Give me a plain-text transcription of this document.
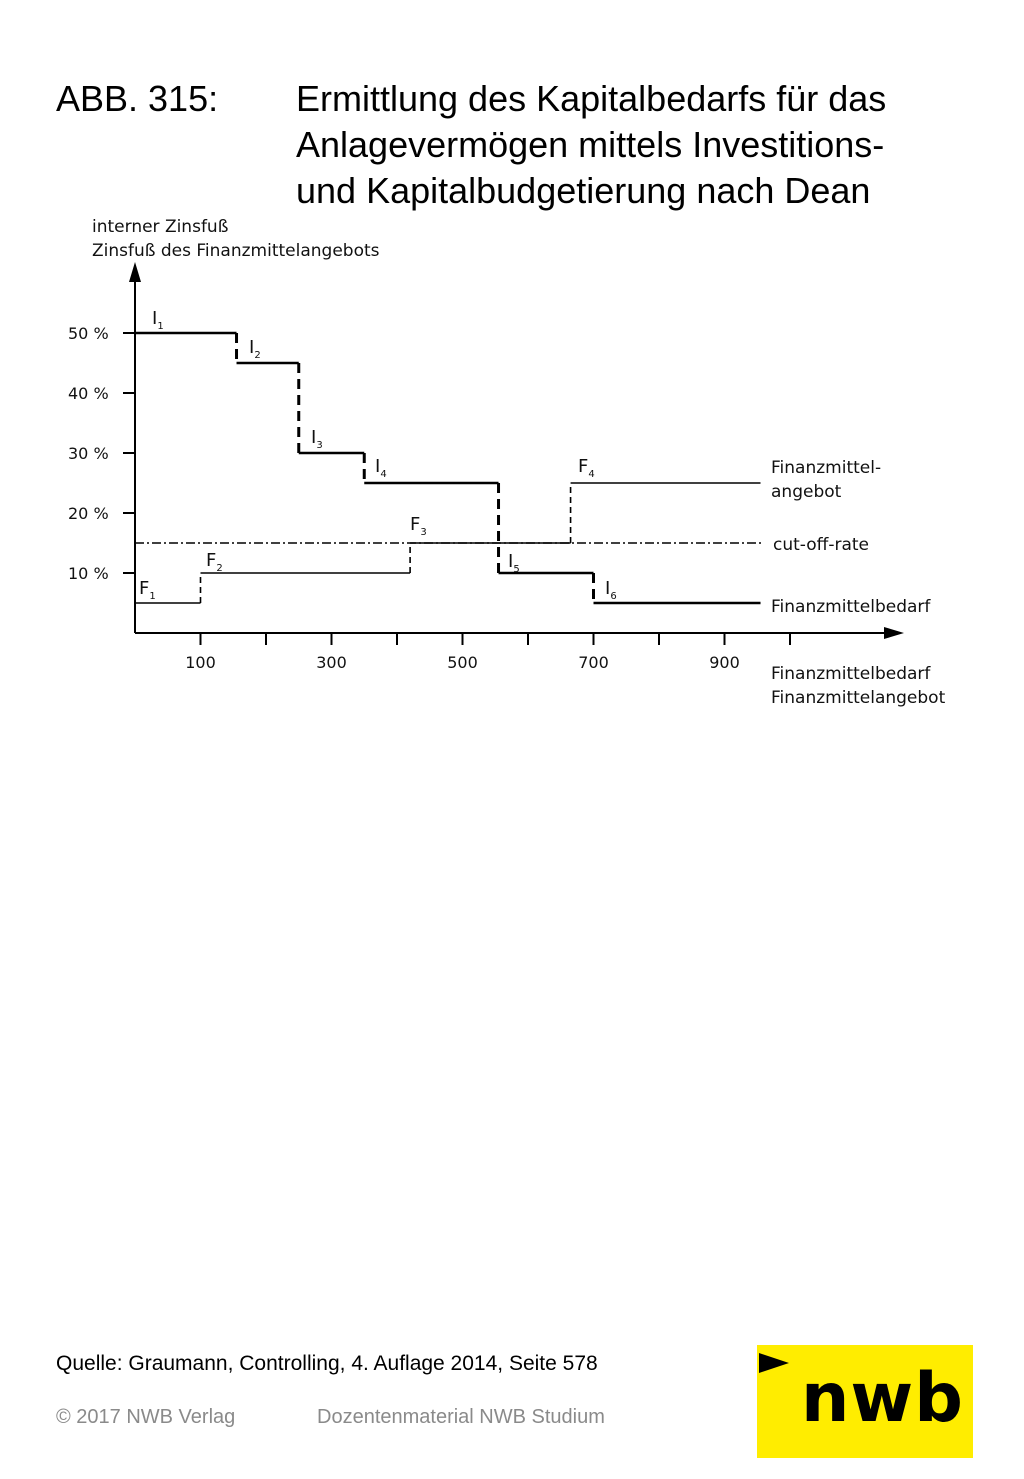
ABB. 315: Ermittlung des Kapitalbedarfs für das
Anlagevermögen mittels Investitions-
und Kapitalbudgetierung nach Dean
interner Zinsfuß
Zinsfuß des Finanzmittelangebots
Finanzmittelbedarf
Finanzmittelangebot
10 %
20 %
30 %
40 %
50 %
100	300	500	700	900
cut-off-rate
$I_1$
$I_2$
$I_3$
$I_4$
$I_5$
$I_6$
Finanzmittelbedarf
$F_1$
$F_2$
$F_3$
$F_4$	Finanzmittel-
angebot
Quelle: Graumann, Controlling, 4. Auflage 2014, Seite 578
© 2017 NWB Verlag	Dozentenmaterial NWB Studium	nwb
